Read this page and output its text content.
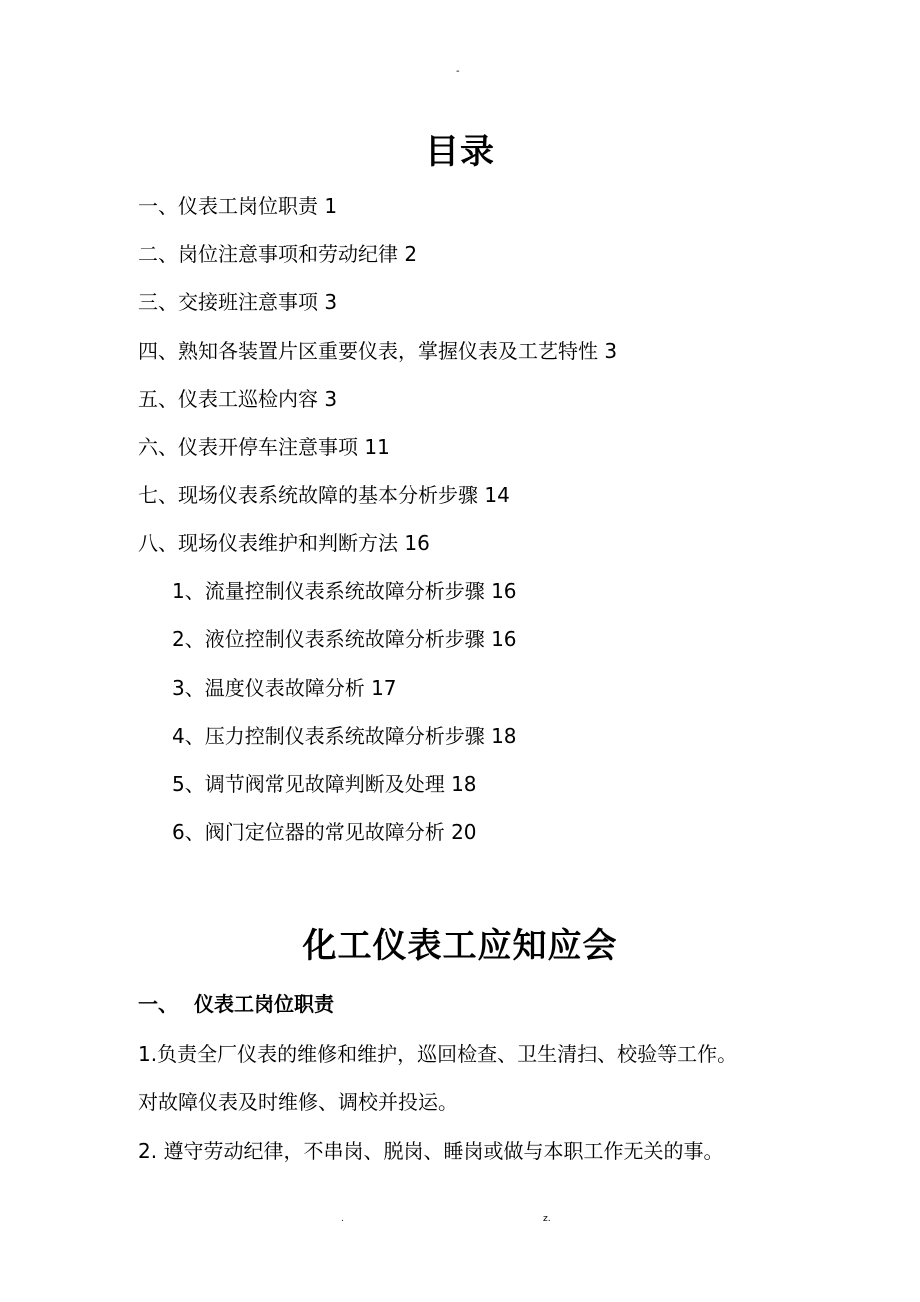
-
目录
一、仪表工岗位职责 1
二、岗位注意事项和劳动纪律 2
三、交接班注意事项 3
四、熟知各装置片区重要仪表，掌握仪表及工艺特性 3
五、仪表工巡检内容 3
六、仪表开停车注意事项 11
七、现场仪表系统故障的基本分析步骤 14
八、现场仪表维护和判断方法 16
1、流量控制仪表系统故障分析步骤 16
2、液位控制仪表系统故障分析步骤 16
3、温度仪表故障分析 17
4、压力控制仪表系统故障分析步骤 18
5、调节阀常见故障判断及处理 18
6、阀门定位器的常见故障分析 20
化工仪表工应知应会
一、 仪表工岗位职责
1.负责全厂仪表的维修和维护，巡回检查、卫生清扫、校验等工作。
对故障仪表及时维修、调校并投运。
2. 遵守劳动纪律，不串岗、脱岗、睡岗或做与本职工作无关的事。
.	z.
